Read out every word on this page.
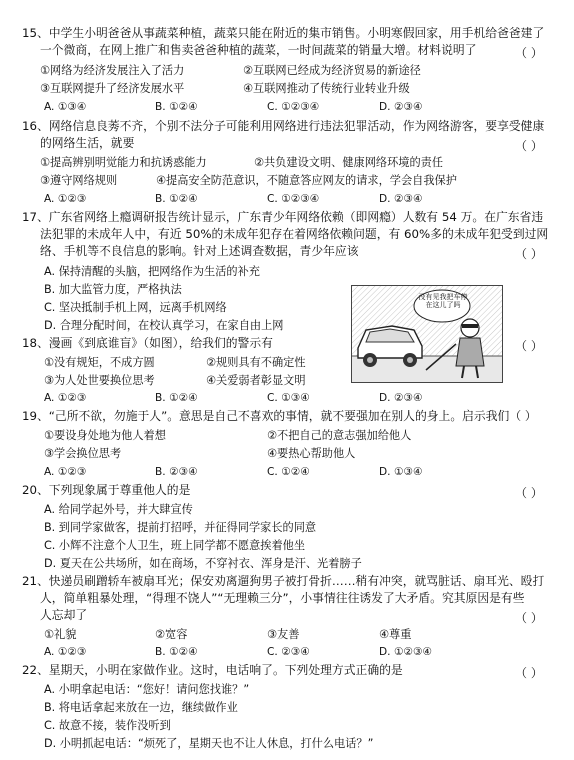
15、中学生小明爸爸从事蔬菜种植，蔬菜只能在附近的集市销售。小明寒假回家，用手机给爸爸建了
一个微商，在网上推广和售卖爸爸种植的蔬菜，一时间蔬菜的销量大增。材料说明了	（ ）
①网络为经济发展注入了活力	②互联网已经成为经济贸易的新途径
③互联网提升了经济发展水平	④互联网推动了传统行业转业升级
A. ①③④	B. ①②④	C. ①②③④	D. ②③④
16、网络信息良莠不齐，个别不法分子可能利用网络进行违法犯罪活动，作为网络游客，要享受健康
的网络生活，就要	（ ）
①提高辨别明觉能力和抗诱惑能力	②共负建设文明、健康网络环境的责任
③遵守网络规则	④提高安全防范意识，不随意答应网友的请求，学会自我保护
A. ①②③	B. ①②④	C. ①②③④	D. ②③④
17、广东省网络上瘾调研报告统计显示，广东青少年网络依赖（即网瘾）人数有 54 万。在广东省违
法犯罪的未成年人中，有近 50%的未成年犯存在着网络依赖问题，有 60%多的未成年犯受到过网
络、手机等不良信息的影响。针对上述调查数据，青少年应该	（ ）
A. 保持清醒的头脑，把网络作为生活的补充
B. 加大监管力度，严格执法
C. 坚决抵制手机上网，远离手机网络
D. 合理分配时间，在校认真学习，在家自由上网
没有见我把车停在这儿了吗
18、漫画《到底谁盲》（如图），给我们的警示有	（ ）
①没有规矩，不成方圆	②规则具有不确定性
③为人处世要换位思考	④关爱弱者彰显文明
A. ①②③	B. ①②④	C. ①③④	D. ②③④
19、“己所不欲，勿施于人”。意思是自己不喜欢的事情，就不要强加在别人的身上。启示我们（ ）
①要设身处地为他人着想	②不把自己的意志强加给他人
③学会换位思考	④要热心帮助他人
A. ①②③	B. ②③④	C. ①②④	D. ①③④
20、下列现象属于尊重他人的是	（ ）
A. 给同学起外号，并大肆宣传
B. 到同学家做客，提前打招呼，并征得同学家长的同意
C. 小辉不注意个人卫生，班上同学都不愿意挨着他坐
D. 夏天在公共场所，如在商场，不穿衬衣、浑身是汗、光着膀子
21、快递员刷蹭轿车被扇耳光；保安劝离遛狗男子被打骨折……稍有冲突，就骂脏话、扇耳光、殴打
人，简单粗暴处理，“得理不饶人”“无理赖三分”，小事情往往诱发了大矛盾。究其原因是有些
人忘却了	（ ）
①礼貌	②宽容	③友善	④尊重
A. ①②③	B. ①②④	C. ②③④	D. ①②③④
22、星期天，小明在家做作业。这时，电话响了。下列处理方式正确的是	（ ）
A. 小明拿起电话：“您好！请问您找谁？”
B. 将电话拿起来放在一边，继续做作业
C. 故意不接，装作没听到
D. 小明抓起电话：“烦死了，星期天也不让人休息，打什么电话？”
